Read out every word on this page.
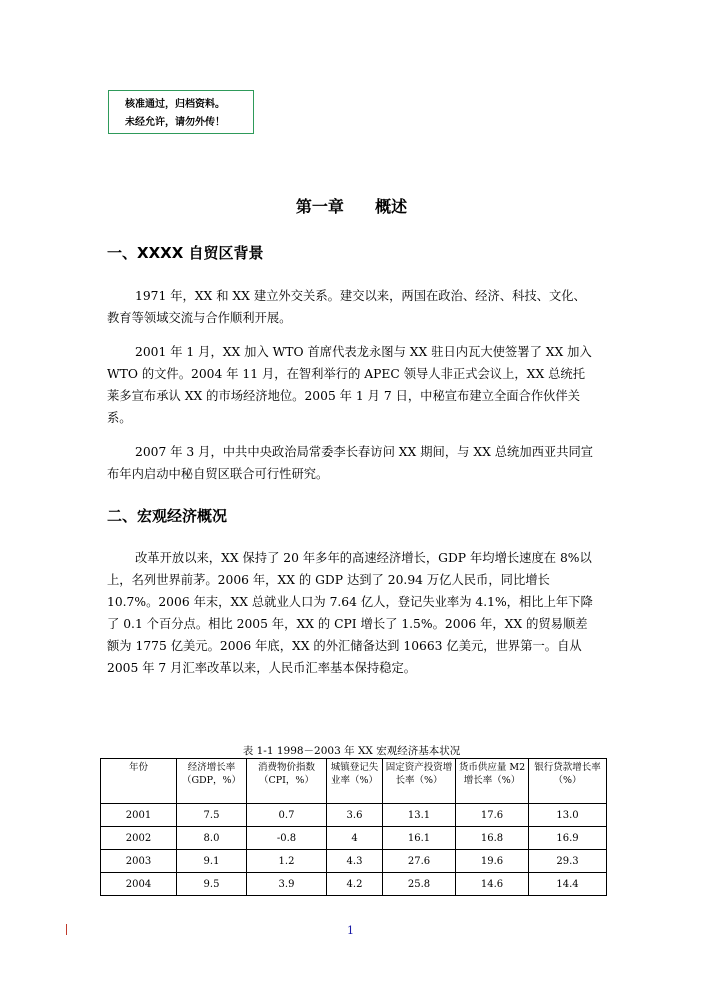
核准通过，归档资料。
未经允许，请勿外传！
第一章 概述
一、XXXX 自贸区背景

1971 年，XX 和 XX 建立外交关系。建交以来，两国在政治、经济、科技、文化、教育等领域交流与合作顺利开展。

2001 年 1 月，XX 加入 WTO 首席代表龙永图与 XX 驻日内瓦大使签署了 XX 加入 WTO 的文件。2004 年 11 月，在智利举行的 APEC 领导人非正式会议上，XX 总统托莱多宣布承认 XX 的市场经济地位。2005 年 1 月 7 日，中秘宣布建立全面合作伙伴关系。

2007 年 3 月，中共中央政治局常委李长春访问 XX 期间，与 XX 总统加西亚共同宣布年内启动中秘自贸区联合可行性研究。

二、宏观经济概况

改革开放以来，XX 保持了 20 年多年的高速经济增长，GDP 年均增长速度在 8%以上，名列世界前茅。2006 年，XX 的 GDP 达到了 20.94 万亿人民币，同比增长 10.7%。2006 年末，XX 总就业人口为 7.64 亿人，登记失业率为 4.1%，相比上年下降了 0.1 个百分点。相比 2005 年，XX 的 CPI 增长了 1.5%。2006 年，XX 的贸易顺差额为 1775 亿美元。2006 年底，XX 的外汇储备达到 10663 亿美元，世界第一。自从 2005 年 7 月汇率改革以来，人民币汇率基本保持稳定。

表 1-1 1998－2003 年 XX 宏观经济基本状况
年份	经济增长率（GDP，%）	消费物价指数（CPI，%）	城镇登记失业率（%）	固定资产投资增长率（%）	货币供应量 M2 增长率（%）	银行贷款增长率（%）
2001	7.5	0.7	3.6	13.1	17.6	13.0
2002	8.0	-0.8	4	16.1	16.8	16.9
2003	9.1	1.2	4.3	27.6	19.6	29.3
2004	9.5	3.9	4.2	25.8	14.6	14.4
1
